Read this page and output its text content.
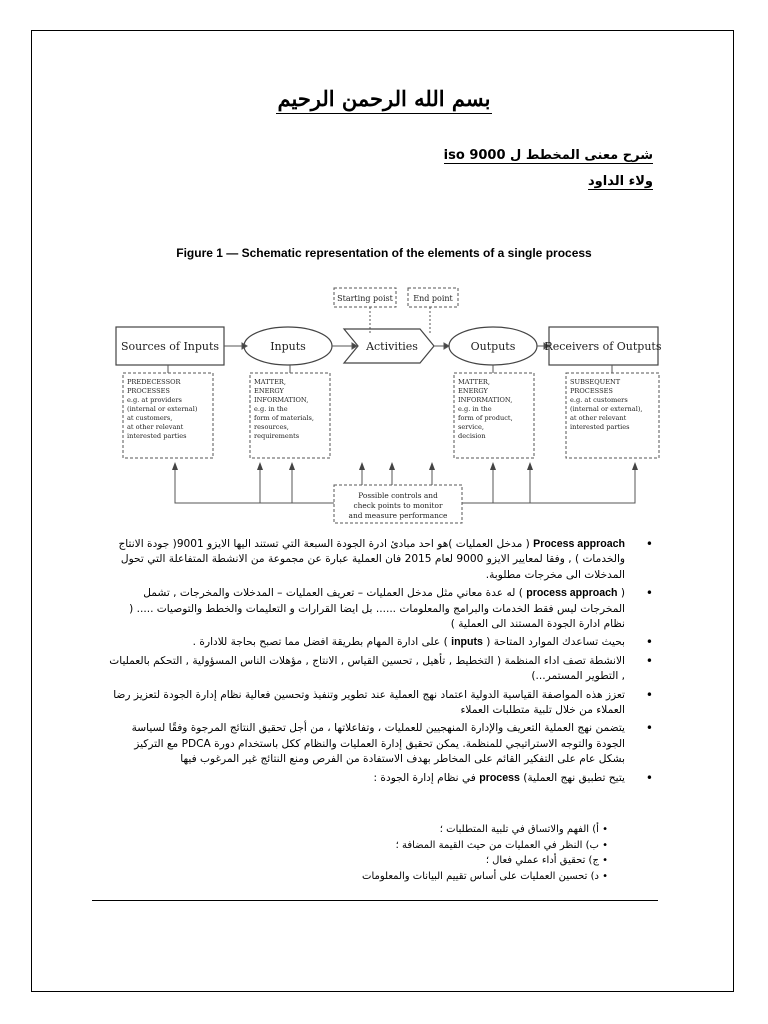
بسم الله الرحمن الرحيم
شرح معنى المخطط ل iso 9000
ولاء الداود
Figure 1 — Schematic representation of the elements of a single process
Starting poist	End point
Sources of Inputs	Inputs	Activities	Outputs	Receivers of Outputs
PREDECESSOR
PROCESSES
e.g. at providers
(internal or external)
at customers,
at other relevant
interested parties
MATTER,
ENERGY
INFORMATION,
e.g. in the
form of materials,
resources,
requirements
MATTER,
ENERGY
INFORMATION,
e.g. in the
form of product,
service,
decision
SUBSEQUENT
PROCESSES
e.g. at customers
(internal or external),
at other relevant
interested parties
Possible controls and
check points to monitor
and measure performance
• Process approach ( مدخل العمليات )هو احد مبادئ ادرة الجودة السبعة التي تستند اليها الايزو 9001( جودة الانتاج والخدمات ) , وفقا لمعايير الايزو 9000 لعام 2015 فان العملية عبارة عن مجموعة من الانشطة المتفاعلة التي تحول المدخلات الى مخرجات مطلوبة.
• ( process approach ) له عدة معاني مثل مدخل العمليات – تعريف العمليات – المدخلات والمخرجات , تشمل المخرجات ليس فقط الخدمات والبرامج والمعلومات ...... بل ايضا القرارات و التعليمات والخطط والتوصيات ..... ( نظام ادارة الجودة المستند الى العملية )
• بحيث تساعدك الموارد المتاحة ( inputs ) على ادارة المهام بطريقة افضل مما تصبح بحاجة للادارة .
• الانشطة تصف اداء المنظمة ( التخطيط , تأهيل , تحسين القياس , الانتاج , مؤهلات الناس المسؤولية , التحكم بالعمليات , التطوير المستمر...)
• تعزز هذه المواصفة القياسية الدولية اعتماد نهج العملية عند تطوير وتنفيذ وتحسين فعالية نظام إدارة الجودة لتعزيز رضا العملاء من خلال تلبية متطلبات العملاء
• يتضمن نهج العملية التعريف والإدارة المنهجيين للعمليات ، وتفاعلاتها ، من أجل تحقيق النتائج المرجوة وفقًا لسياسة الجودة والتوجه الاستراتيجي للمنظمة. يمكن تحقيق إدارة العمليات والنظام ككل باستخدام دورة PDCA مع التركيز بشكل عام على التفكير القائم على المخاطر بهدف الاستفادة من الفرص ومنع النتائج غير المرغوب فيها
• يتيح تطبيق نهج العملية) process في نظام إدارة الجودة :
• أ) الفهم والاتساق في تلبية المتطلبات ؛
• ب) النظر في العمليات من حيث القيمة المضافة ؛
• ج) تحقيق أداء عملي فعال ؛
• د) تحسين العمليات على أساس تقييم البيانات والمعلومات
